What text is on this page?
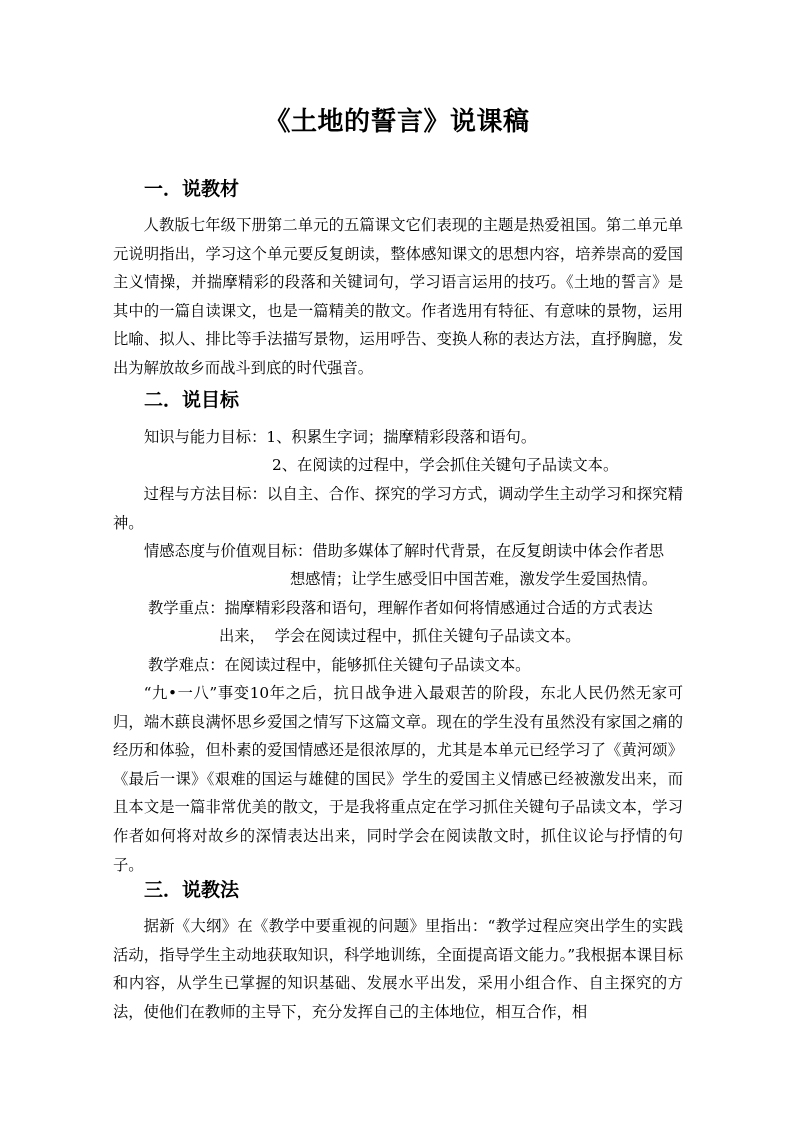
《土地的誓言》说课稿
一．说教材

人教版七年级下册第二单元的五篇课文它们表现的主题是热爱祖国。第二单元单元说明指出，学习这个单元要反复朗读，整体感知课文的思想内容，培养崇高的爱国主义情操，并揣摩精彩的段落和关键词句，学习语言运用的技巧。《土地的誓言》是其中的一篇自读课文，也是一篇精美的散文。作者选用有特征、有意味的景物，运用比喻、拟人、排比等手法描写景物，运用呼告、变换人称的表达方法，直抒胸臆，发出为解放故乡而战斗到底的时代强音。

二．说目标

知识与能力目标：1、积累生字词；揣摩精彩段落和语句。

2、在阅读的过程中，学会抓住关键句子品读文本。

过程与方法目标：以自主、合作、探究的学习方式，调动学生主动学习和探究精神。

情感态度与价值观目标：借助多媒体了解时代背景，在反复朗读中体会作者思

想感情；让学生感受旧中国苦难，激发学生爱国热情。

教学重点：揣摩精彩段落和语句，理解作者如何将情感通过合适的方式表达

出来，  学会在阅读过程中，抓住关键句子品读文本。

教学难点：在阅读过程中，能够抓住关键句子品读文本。

“九•一八”事变10年之后，抗日战争进入最艰苦的阶段，东北人民仍然无家可归，端木蕻良满怀思乡爱国之情写下这篇文章。现在的学生没有虽然没有家国之痛的经历和体验，但朴素的爱国情感还是很浓厚的，尤其是本单元已经学习了《黄河颂》《最后一课》《艰难的国运与雄健的国民》学生的爱国主义情感已经被激发出来，而且本文是一篇非常优美的散文，于是我将重点定在学习抓住关键句子品读文本，学习作者如何将对故乡的深情表达出来，同时学会在阅读散文时，抓住议论与抒情的句子。

三．说教法

据新《大纲》在《教学中要重视的问题》里指出：“教学过程应突出学生的实践活动，指导学生主动地获取知识，科学地训练，全面提高语文能力。”我根据本课目标和内容，从学生已掌握的知识基础、发展水平出发，采用小组合作、自主探究的方法，使他们在教师的主导下，充分发挥自己的主体地位，相互合作，相
